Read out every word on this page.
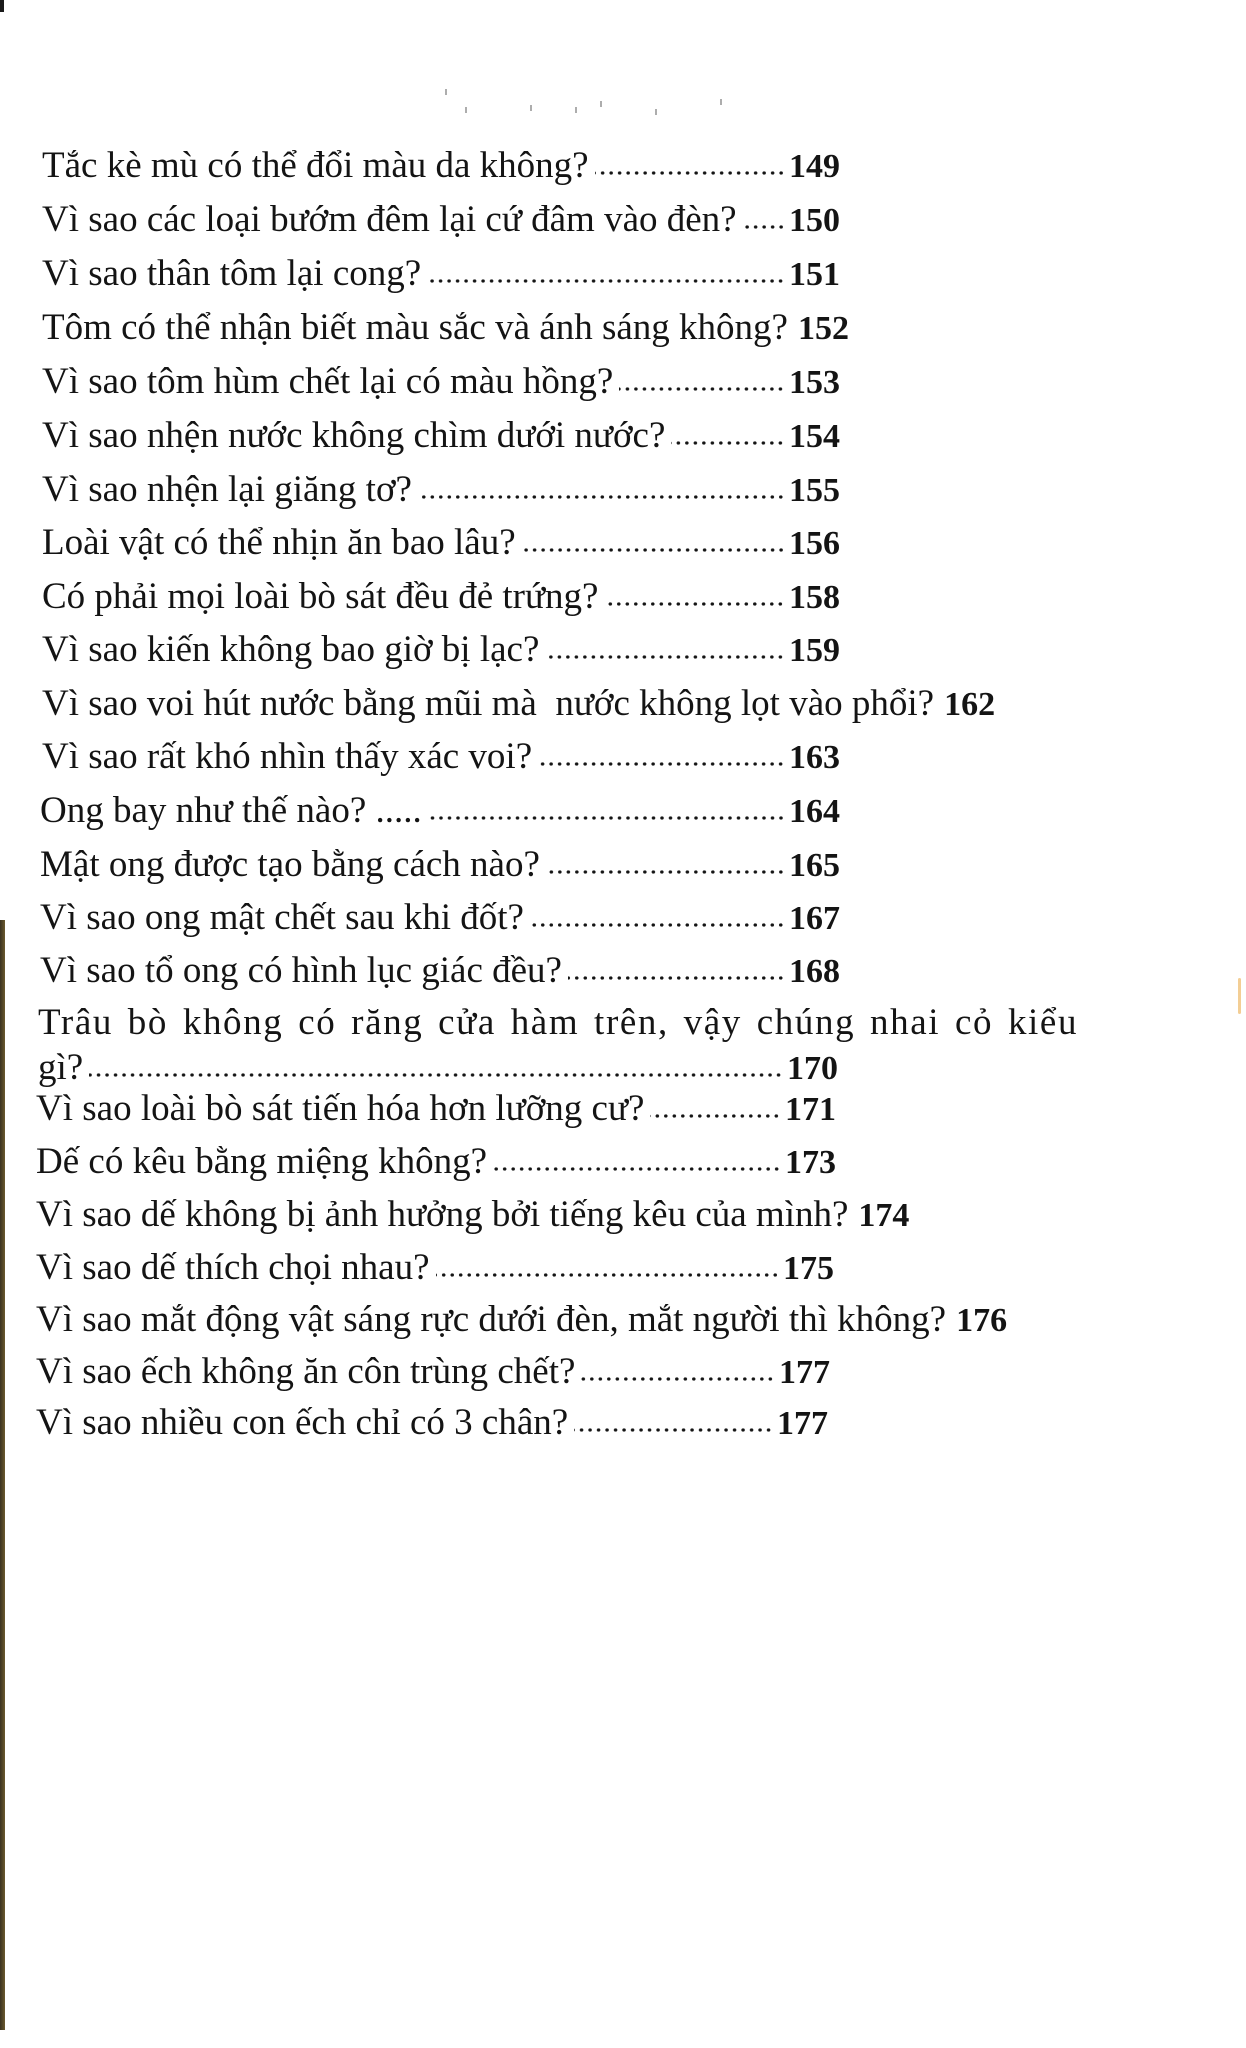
Tắc kè mù có thể đổi màu da không?	149
Vì sao các loại bướm đêm lại cứ đâm vào đèn? 150
Vì sao thân tôm lại cong?	151
Tôm có thể nhận biết màu sắc và ánh sáng không? 152
Vì sao tôm hùm chết lại có màu hồng?	153
Vì sao nhện nước không chìm dưới nước?	154
Vì sao nhện lại giăng tơ?	155
Loài vật có thể nhịn ăn bao lâu?	156
Có phải mọi loài bò sát đều đẻ trứng?	158
Vì sao kiến không bao giờ bị lạc?	159
Vì sao voi hút nước bằng mũi mà  nước không lọt vào phổi? 162
Vì sao rất khó nhìn thấy xác voi?	163
Ong bay như thế nào? .....	164
Mật ong được tạo bằng cách nào?	165
Vì sao ong mật chết sau khi đốt?	167
Vì sao tổ ong có hình lục giác đều?	168
Trâu bò không có răng cửa hàm trên, vậy chúng nhai cỏ kiểu
gì?	170
Vì sao loài bò sát tiến hóa hơn lưỡng cư?	171
Dế có kêu bằng miệng không?	173
Vì sao dế không bị ảnh hưởng bởi tiếng kêu của mình? 174
Vì sao dế thích chọi nhau?	175
Vì sao mắt động vật sáng rực dưới đèn, mắt người thì không? 176
Vì sao ếch không ăn côn trùng chết?	177
Vì sao nhiều con ếch chỉ có 3 chân?	177
